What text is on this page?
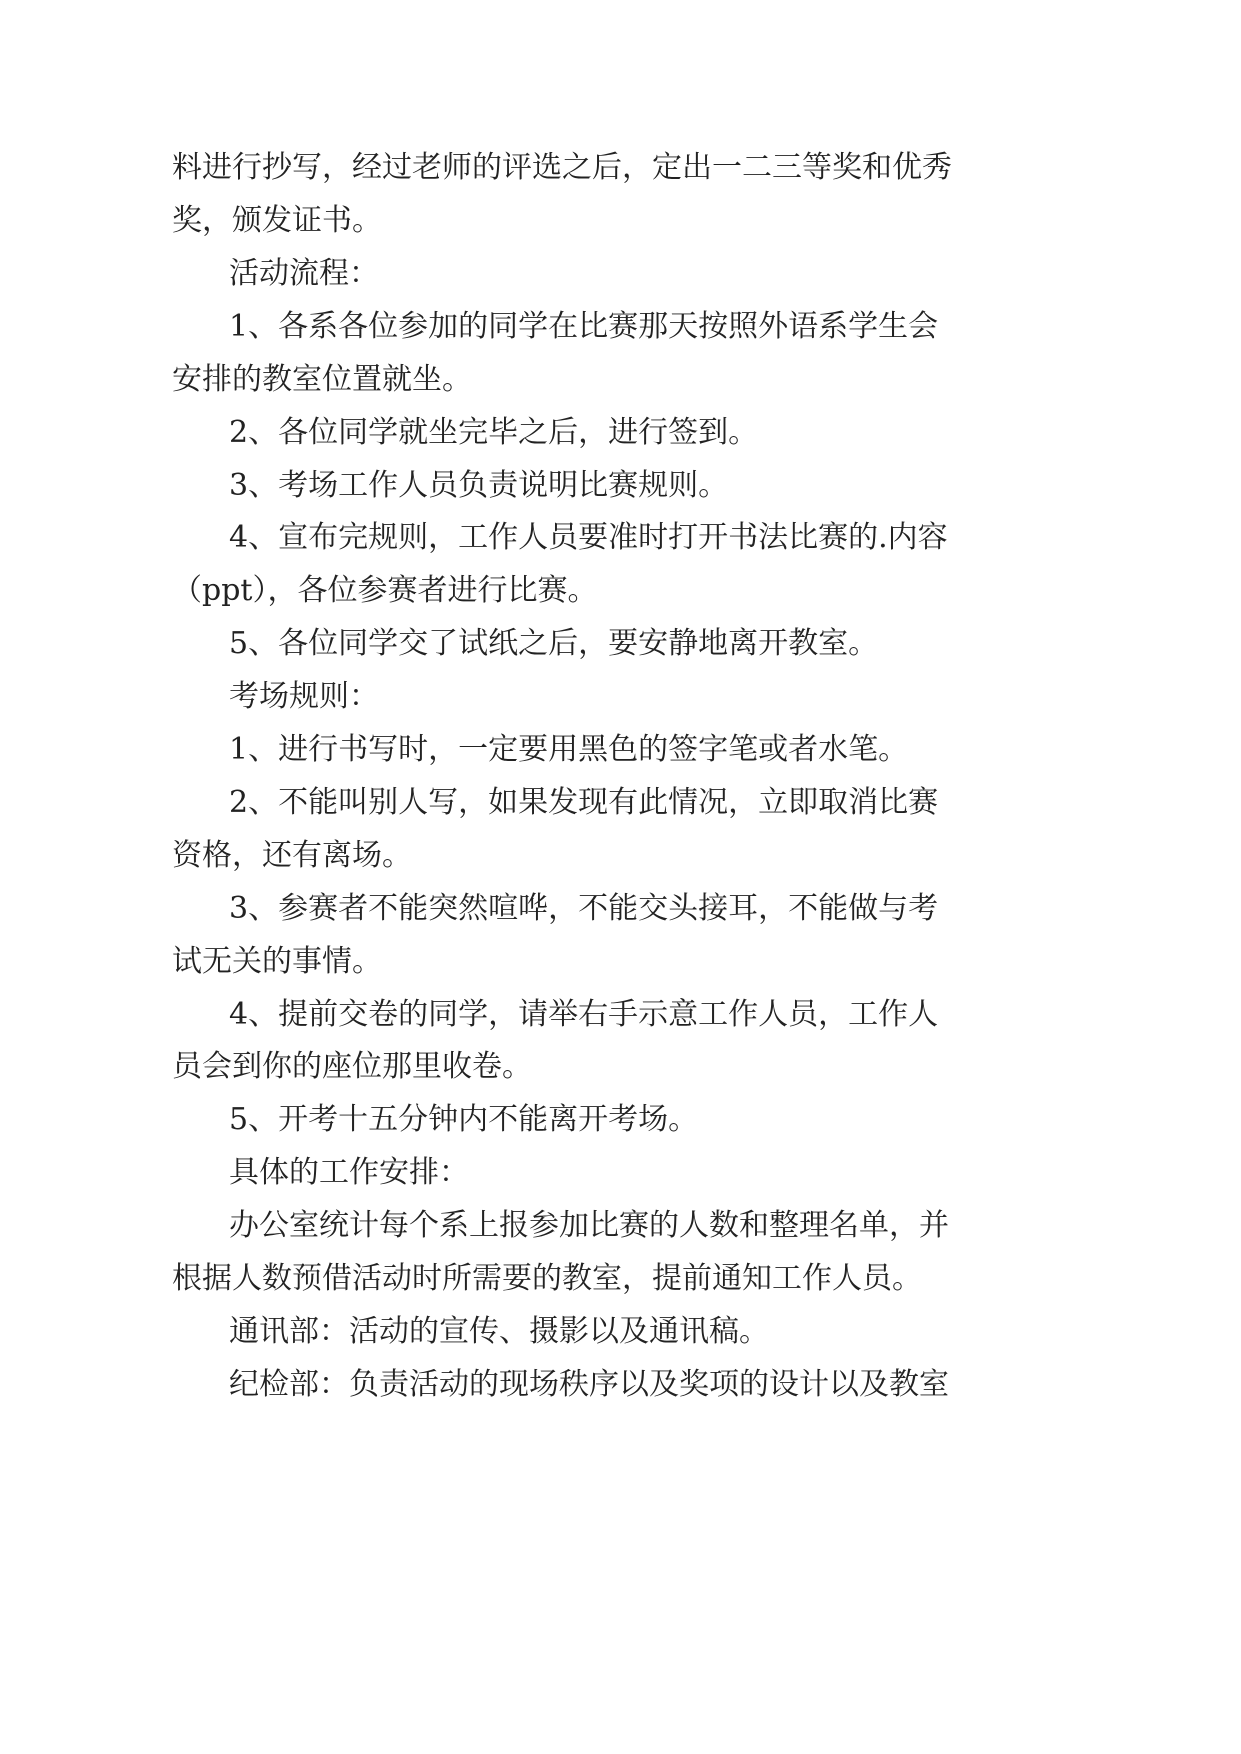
料进行抄写，经过老师的评选之后，定出一二三等奖和优秀
奖，颁发证书。
活动流程：
1、各系各位参加的同学在比赛那天按照外语系学生会
安排的教室位置就坐。
2、各位同学就坐完毕之后，进行签到。
3、考场工作人员负责说明比赛规则。
4、宣布完规则，工作人员要准时打开书法比赛的.内容
（ppt），各位参赛者进行比赛。
5、各位同学交了试纸之后，要安静地离开教室。
考场规则：
1、进行书写时，一定要用黑色的签字笔或者水笔。
2、不能叫别人写，如果发现有此情况，立即取消比赛
资格，还有离场。
3、参赛者不能突然喧哗，不能交头接耳，不能做与考
试无关的事情。
4、提前交卷的同学，请举右手示意工作人员，工作人
员会到你的座位那里收卷。
5、开考十五分钟内不能离开考场。
具体的工作安排：
办公室统计每个系上报参加比赛的人数和整理名单，并
根据人数预借活动时所需要的教室，提前通知工作人员。
通讯部：活动的宣传、摄影以及通讯稿。
纪检部：负责活动的现场秩序以及奖项的设计以及教室
